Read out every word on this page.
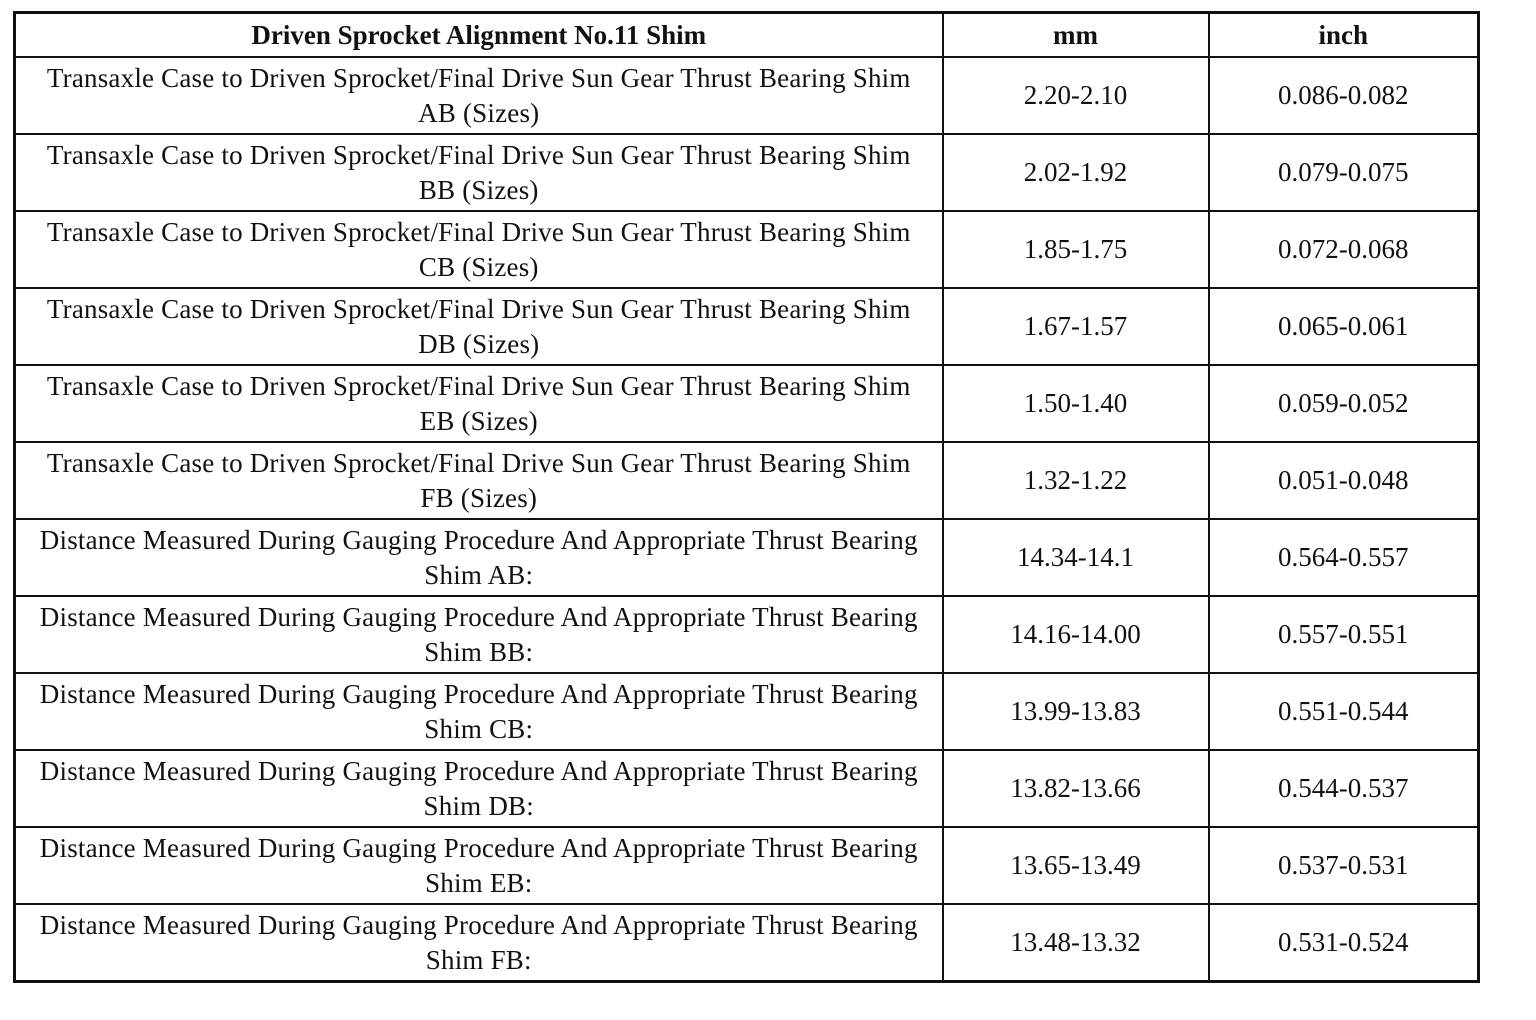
Driven Sprocket Alignment No.11 Shim	mm	inch
Transaxle Case to Driven Sprocket/Final Drive Sun Gear Thrust Bearing Shim AB (Sizes)	2.20-2.10	0.086-0.082
Transaxle Case to Driven Sprocket/Final Drive Sun Gear Thrust Bearing Shim BB (Sizes)	2.02-1.92	0.079-0.075
Transaxle Case to Driven Sprocket/Final Drive Sun Gear Thrust Bearing Shim CB (Sizes)	1.85-1.75	0.072-0.068
Transaxle Case to Driven Sprocket/Final Drive Sun Gear Thrust Bearing Shim DB (Sizes)	1.67-1.57	0.065-0.061
Transaxle Case to Driven Sprocket/Final Drive Sun Gear Thrust Bearing Shim EB (Sizes)	1.50-1.40	0.059-0.052
Transaxle Case to Driven Sprocket/Final Drive Sun Gear Thrust Bearing Shim FB (Sizes)	1.32-1.22	0.051-0.048
Distance Measured During Gauging Procedure And Appropriate Thrust Bearing Shim AB:	14.34-14.1	0.564-0.557
Distance Measured During Gauging Procedure And Appropriate Thrust Bearing Shim BB:	14.16-14.00	0.557-0.551
Distance Measured During Gauging Procedure And Appropriate Thrust Bearing Shim CB:	13.99-13.83	0.551-0.544
Distance Measured During Gauging Procedure And Appropriate Thrust Bearing Shim DB:	13.82-13.66	0.544-0.537
Distance Measured During Gauging Procedure And Appropriate Thrust Bearing Shim EB:	13.65-13.49	0.537-0.531
Distance Measured During Gauging Procedure And Appropriate Thrust Bearing Shim FB:	13.48-13.32	0.531-0.524
